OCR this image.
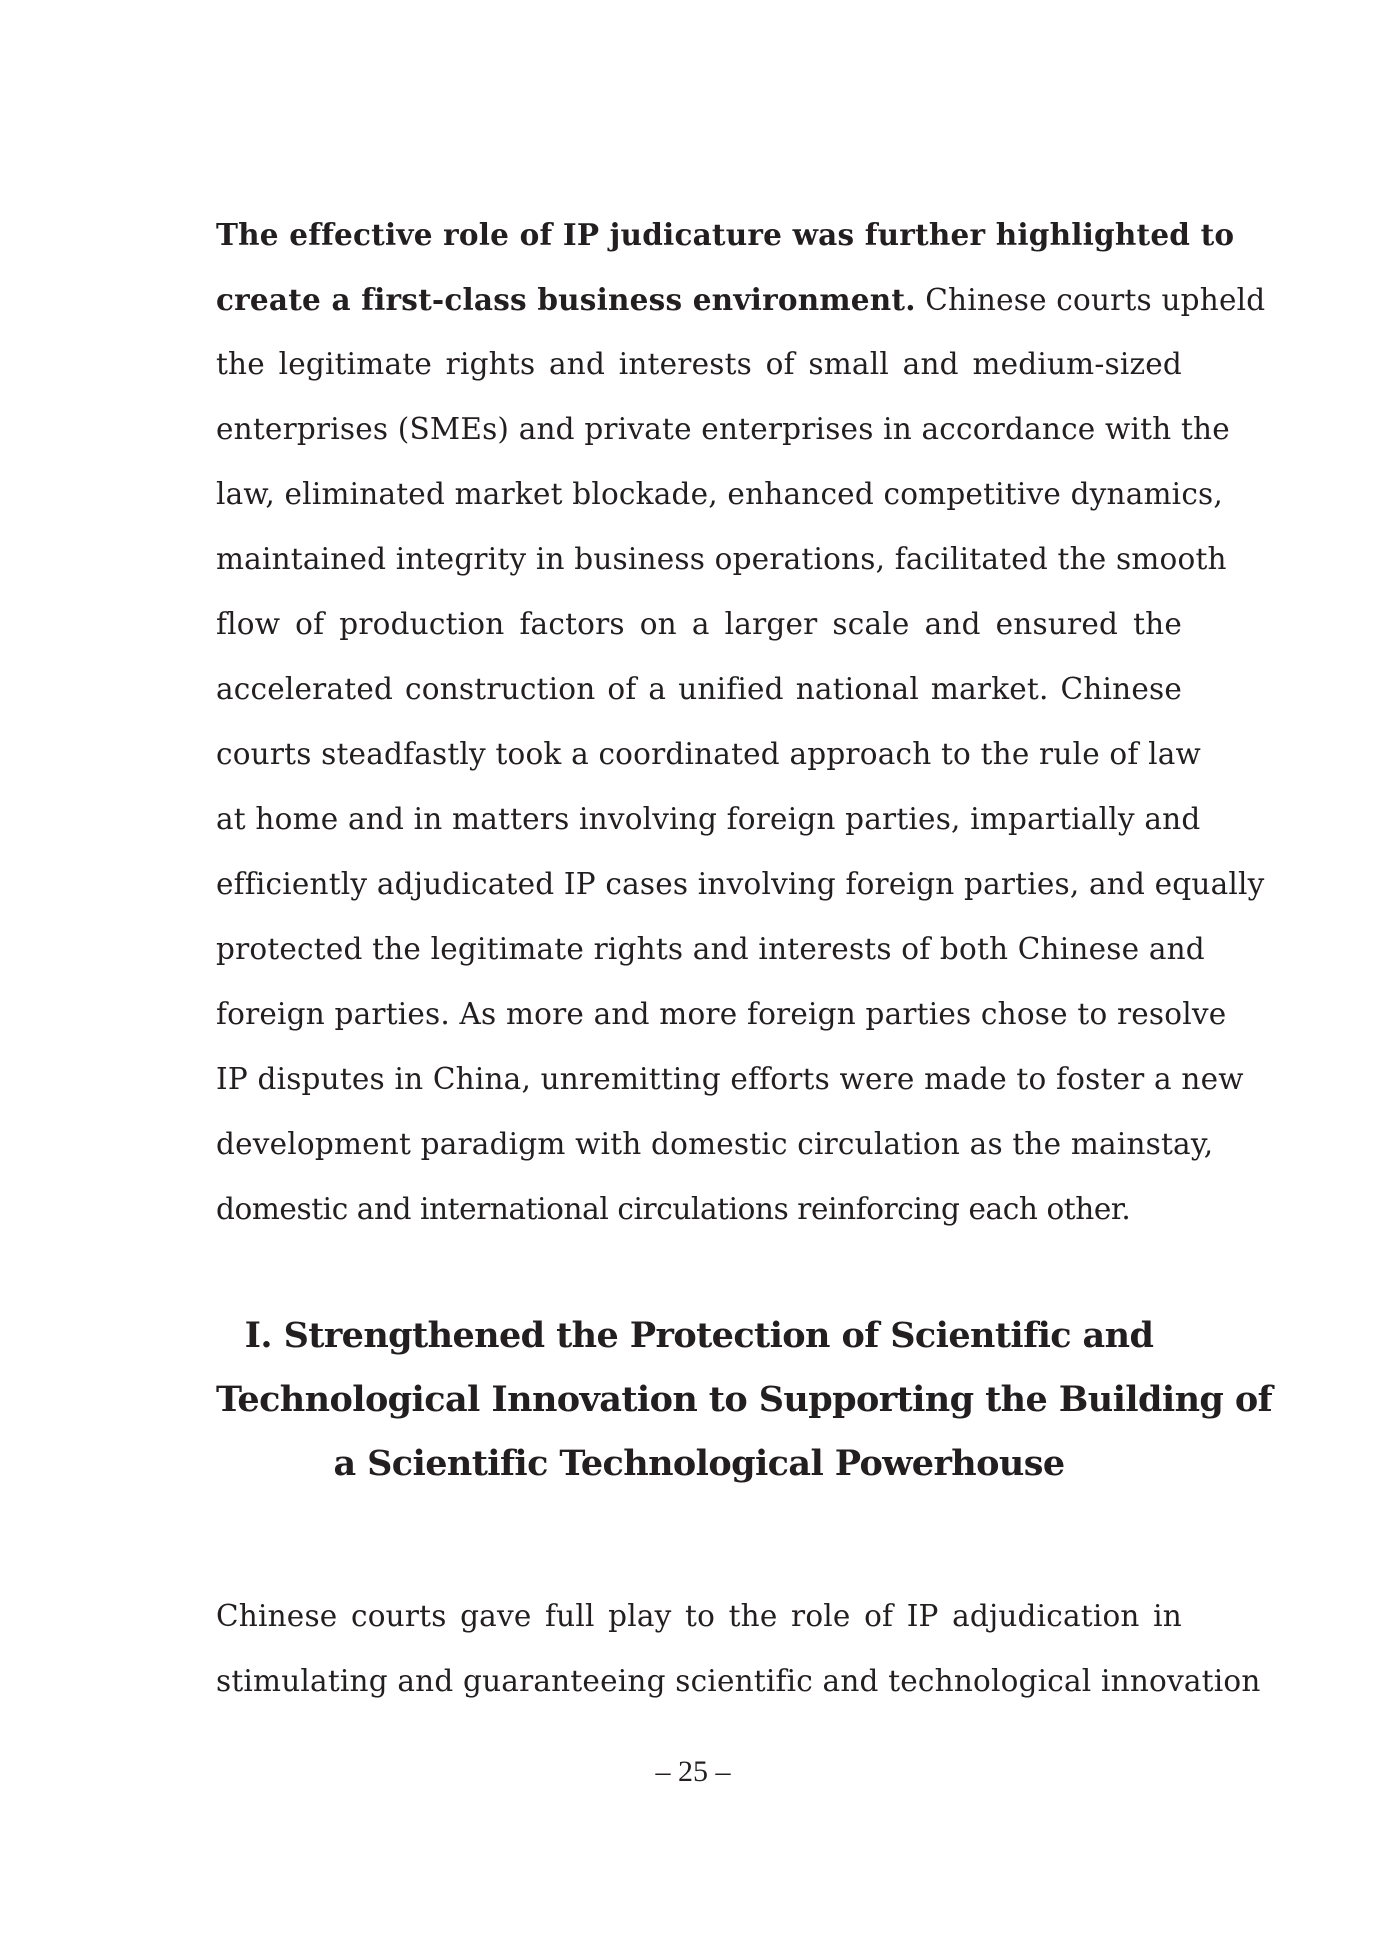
The effective role of IP judicature was further highlighted to
create a first-class business environment. Chinese courts upheld
the legitimate rights and interests of small and medium-sized
enterprises (SMEs) and private enterprises in accordance with the
law, eliminated market blockade, enhanced competitive dynamics,
maintained integrity in business operations, facilitated the smooth
flow of production factors on a larger scale and ensured the
accelerated construction of a unified national market. Chinese
courts steadfastly took a coordinated approach to the rule of law
at home and in matters involving foreign parties, impartially and
efficiently adjudicated IP cases involving foreign parties, and equally
protected the legitimate rights and interests of both Chinese and
foreign parties. As more and more foreign parties chose to resolve
IP disputes in China, unremitting efforts were made to foster a new
development paradigm with domestic circulation as the mainstay,
domestic and international circulations reinforcing each other.
I. Strengthened the Protection of Scientific and
Technological Innovation to Supporting the Building of
a Scientific Technological Powerhouse
Chinese courts gave full play to the role of IP adjudication in
stimulating and guaranteeing scientific and technological innovation
– 25 –
